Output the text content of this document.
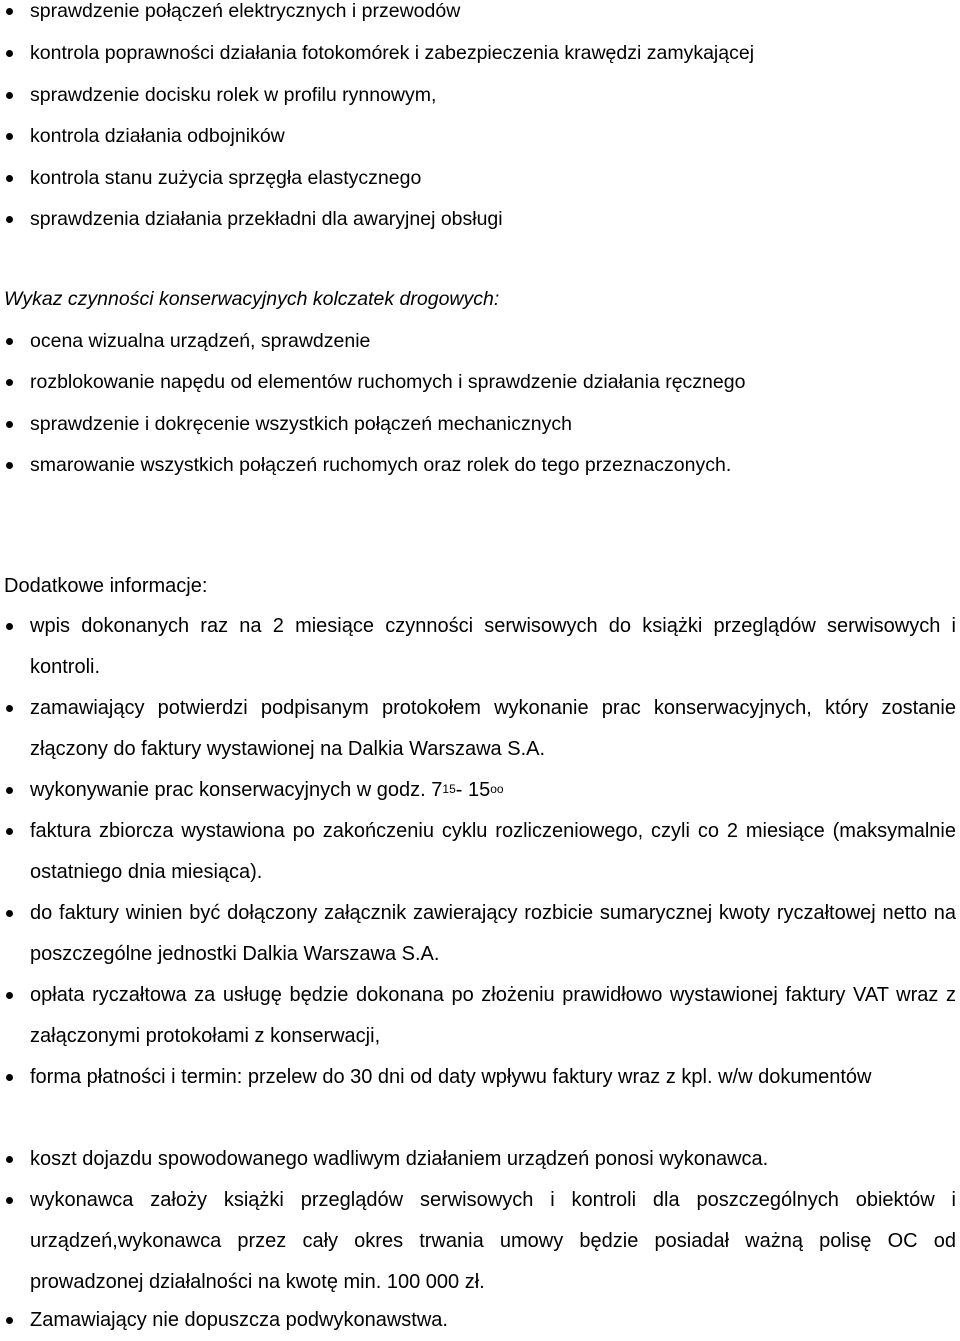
sprawdzenie połączeń elektrycznych i przewodów
kontrola poprawności działania fotokomórek i zabezpieczenia krawędzi zamykającej
sprawdzenie docisku rolek w profilu rynnowym,
kontrola działania odbojników
kontrola stanu zużycia sprzęgła elastycznego
sprawdzenia działania przekładni dla awaryjnej obsługi
Wykaz czynności konserwacyjnych kolczatek drogowych:
ocena wizualna urządzeń, sprawdzenie
rozblokowanie napędu od elementów ruchomych i sprawdzenie działania ręcznego
sprawdzenie i dokręcenie wszystkich połączeń mechanicznych
smarowanie wszystkich połączeń ruchomych oraz rolek do tego przeznaczonych.
Dodatkowe informacje:
wpis dokonanych raz na 2 miesiące czynności serwisowych do książki przeglądów serwisowych i kontroli.
zamawiający potwierdzi podpisanym protokołem wykonanie prac konserwacyjnych, który zostanie złączony do faktury wystawionej na Dalkia Warszawa S.A.
wykonywanie prac konserwacyjnych w godz. $7^{15}-$ $15^{oo}$
faktura zbiorcza wystawiona po zakończeniu cyklu rozliczeniowego, czyli co 2 miesiące (maksymalnie ostatniego dnia miesiąca).
do faktury winien być dołączony załącznik zawierający rozbicie sumarycznej kwoty ryczałtowej netto na poszczególne jednostki Dalkia Warszawa S.A.
opłata ryczałtowa za usługę będzie dokonana po złożeniu prawidłowo wystawionej faktury VAT wraz z załączonymi protokołami z konserwacji,
forma płatności i termin: przelew do 30 dni od daty wpływu faktury wraz z kpl. w/w dokumentów
koszt dojazdu spowodowanego wadliwym działaniem urządzeń ponosi wykonawca.
wykonawca założy książki przeglądów serwisowych i kontroli dla poszczególnych obiektów i urządzeń,wykonawca przez cały okres trwania umowy będzie posiadał ważną polisę OC od prowadzonej działalności na kwotę min. 100 000 zł.
Zamawiający nie dopuszcza podwykonawstwa.
